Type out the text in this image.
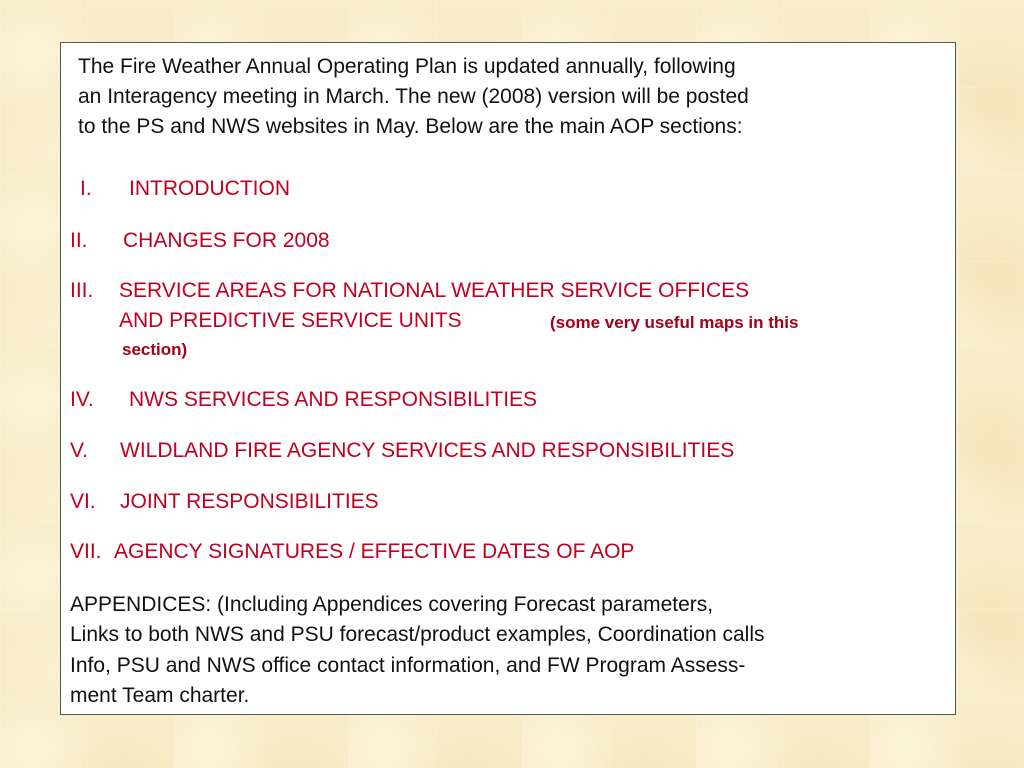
The Fire Weather Annual Operating Plan is updated annually, following
an Interagency meeting in March. The new (2008) version will be posted
to the PS and NWS websites in May. Below are the main AOP sections:
I. INTRODUCTION
II. CHANGES FOR 2008
III. SERVICE AREAS FOR NATIONAL WEATHER SERVICE OFFICES
AND PREDICTIVE SERVICE UNITS	(some very useful maps in this
section)
IV. NWS SERVICES AND RESPONSIBILITIES
V. WILDLAND FIRE AGENCY SERVICES AND RESPONSIBILITIES
VI. JOINT RESPONSIBILITIES
VII. AGENCY SIGNATURES / EFFECTIVE DATES OF AOP
APPENDICES: (Including Appendices covering Forecast parameters,
Links to both NWS and PSU forecast/product examples, Coordination calls
Info, PSU and NWS office contact information, and FW Program Assess-
ment Team charter.
